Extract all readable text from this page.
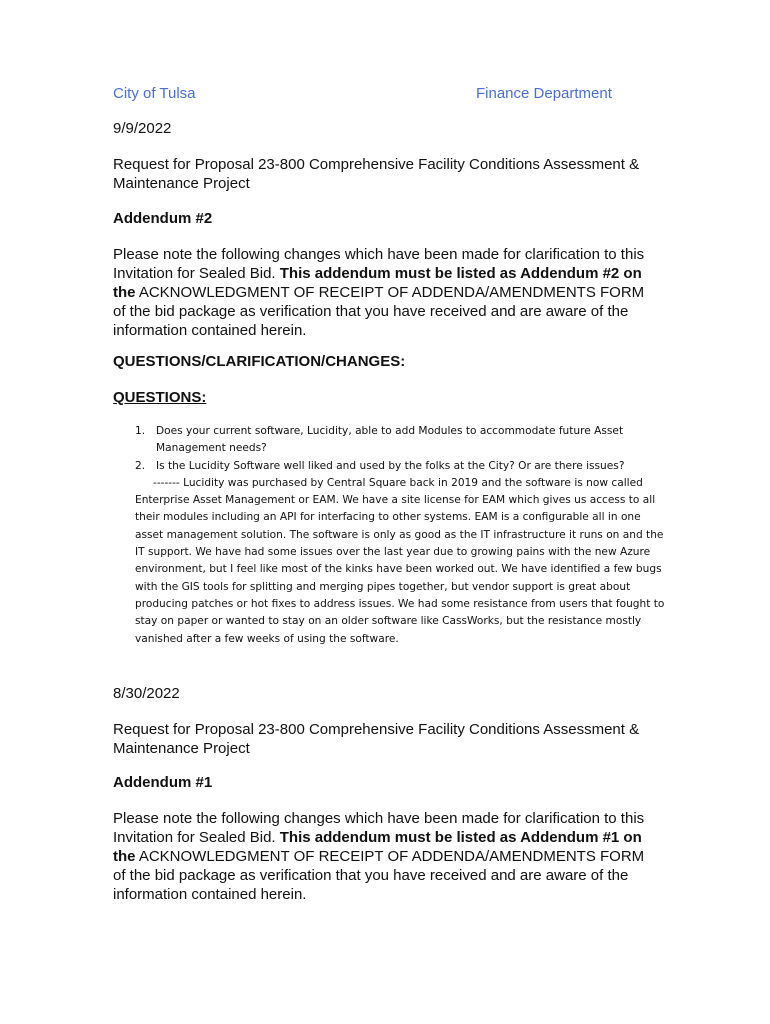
City of Tulsa	Finance Department

9/9/2022

Request for Proposal 23-800 Comprehensive Facility Conditions Assessment & Maintenance Project

Addendum #2

Please note the following changes which have been made for clarification to this Invitation for Sealed Bid. This addendum must be listed as Addendum #2 on the ACKNOWLEDGMENT OF RECEIPT OF ADDENDA/AMENDMENTS FORM of the bid package as verification that you have received and are aware of the information contained herein.

QUESTIONS/CLARIFICATION/CHANGES:

QUESTIONS:

1. Does your current software, Lucidity, able to add Modules to accommodate future Asset Management needs?
2. Is the Lucidity Software well liked and used by the folks at the City? Or are there issues?
------- Lucidity was purchased by Central Square back in 2019 and the software is now called Enterprise Asset Management or EAM. We have a site license for EAM which gives us access to all their modules including an API for interfacing to other systems. EAM is a configurable all in one asset management solution. The software is only as good as the IT infrastructure it runs on and the IT support. We have had some issues over the last year due to growing pains with the new Azure environment, but I feel like most of the kinks have been worked out. We have identified a few bugs with the GIS tools for splitting and merging pipes together, but vendor support is great about producing patches or hot fixes to address issues. We had some resistance from users that fought to stay on paper or wanted to stay on an older software like CassWorks, but the resistance mostly vanished after a few weeks of using the software.

8/30/2022

Request for Proposal 23-800 Comprehensive Facility Conditions Assessment & Maintenance Project

Addendum #1

Please note the following changes which have been made for clarification to this Invitation for Sealed Bid. This addendum must be listed as Addendum #1 on the ACKNOWLEDGMENT OF RECEIPT OF ADDENDA/AMENDMENTS FORM of the bid package as verification that you have received and are aware of the information contained herein.
